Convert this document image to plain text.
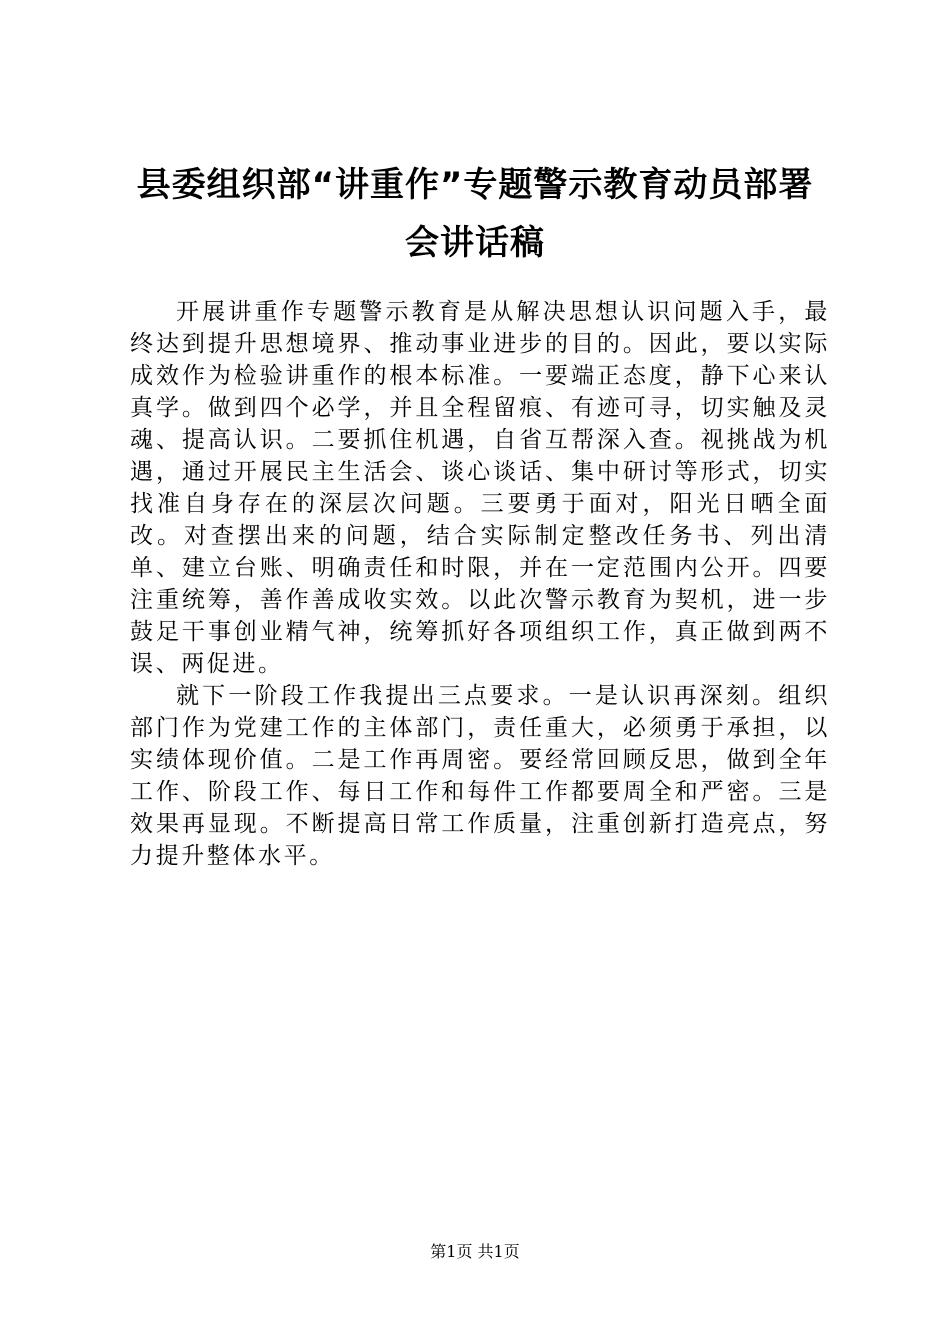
县委组织部“讲重作”专题警示教育动员部署
会讲话稿

开展讲重作专题警示教育是从解决思想认识问题入手，最终达到提升思想境界、推动事业进步的目的。因此，要以实际成效作为检验讲重作的根本标准。一要端正态度，静下心来认真学。做到四个必学，并且全程留痕、有迹可寻，切实触及灵魂、提高认识。二要抓住机遇，自省互帮深入查。视挑战为机遇，通过开展民主生活会、谈心谈话、集中研讨等形式，切实找准自身存在的深层次问题。三要勇于面对，阳光日晒全面改。对查摆出来的问题，结合实际制定整改任务书、列出清单、建立台账、明确责任和时限，并在一定范围内公开。四要注重统筹，善作善成收实效。以此次警示教育为契机，进一步鼓足干事创业精气神，统筹抓好各项组织工作，真正做到两不误、两促进。

就下一阶段工作我提出三点要求。一是认识再深刻。组织部门作为党建工作的主体部门，责任重大，必须勇于承担，以实绩体现价值。二是工作再周密。要经常回顾反思，做到全年工作、阶段工作、每日工作和每件工作都要周全和严密。三是效果再显现。不断提高日常工作质量，注重创新打造亮点，努力提升整体水平。

第1页 共1页
